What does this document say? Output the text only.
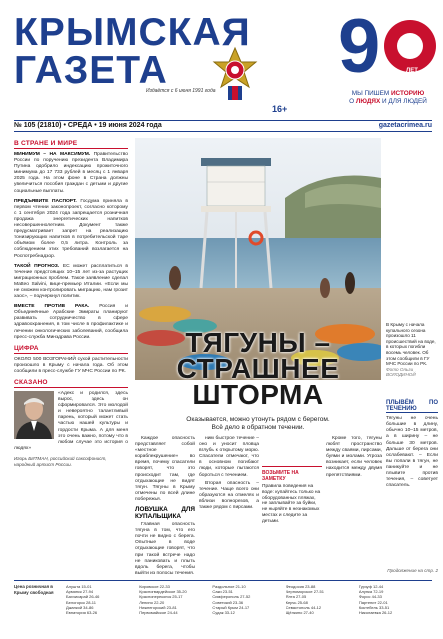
КРЫМСКАЯ
ГАЗЕТА
Издаётся с 6 июня 1991 года
16+
9	ЛЕТ
МЫ ПИШЕМ ИСТОРИЮ
О ЛЮДЯХ И ДЛЯ ЛЮДЕЙ
№ 105 (21810) • СРЕДА • 19 июня 2024 года	gazetacrimea.ru
В СТРАНЕ И МИРЕ
МИНИМУМ – НА МАКСИМУМ. Правительство России по поручению президента Владимира Путина одобрило индексацию прожиточного минимума до 17 733 рублей в месяц с 1 января 2025 года. На этом фоне в Страна должны увеличиться пособия граждан с детьми и другие социальные выплаты.
ПРЕДЪЯВИТЕ ПАСПОРТ. Госдума приняла в первом чтении законопроект, согласно которому с 1 сентября 2024 года запрещается розничная продажа энергетических напитков несовершеннолетним. Документ также предусматривает запрет на реализацию тонизирующих напитков в потребительской таре объёмом более 0,5 литра. Контроль за соблюдением этих требований возлагается на Роспотребнадзор.
ТАКОЙ ПРОГНОЗ. ЕС может расплатиться в течение предстоящих 10–15 лет из-за растущих миграционных проблем. Такое заявление сделал Matteo Salvini, вице-премьер Италии. «Если мы не сможем контролировать миграцию, нам грозит хаос», – подчеркнул политик.
ВМЕСТЕ ПРОТИВ РАКА. Россия и Объединённые Арабские Эмираты планируют развивать сотрудничество в сфере здравоохранения, в том числе в профилактике и лечении онкологических заболеваний, сообщила пресс-служба Минздрава России.
ЦИФРА
ОКОЛО 500 ВОЗГОРАНИЙ сухой растительности произошло в Крыму с начала года. Об этом сообщили в пресс-службе ГУ МЧС России по РК.
СКАЗАНО
«Адекс и родился, здесь вырос, здесь он сформировался. Это молодой и невероятно талантливый парень, который может стать частью нашей культуры и гордости Крыма. А для меня это очень важно, потому что в любом случае это история о людях»
Игорь БИТМАН, российский саксофонист, народный артист России.
В Крыму с начала купального сезона произошло 11 происшествий на воде, в которых погибли восемь человек. Об этом сообщили в ГУ МЧС России по РК. Фото Ольги ВОЛОДИНОЙ
ТЯГУНЫ –
СТРАШНЕЕ
ШТОРМА
Оказывается, можно утонуть рядом с берегом.
Всё дело в обратном течении.

Каждое опасность представляет собой «местное кораблекрушение» во время, почему спасатели говорят, что это происходит там, где отдыхающие не видят тягун. Тягуны в Крыму отмечены по всей длине побережья.

ЛОВУШКА ДЛЯ КУПАЛЬЩИКА

Главная опасность тягуна в том, что его почти не видно с берега. Опытные в воде отдыхающие говорят, что при такой встрече надо не паниковать и плыть вдоль берега, чтобы выйти из полосы течения.

ним быстрое течение – оно и уносит пловца вглубь к открытому морю. Спасатели отмечают, что в основном погибают люди, которые пытаются бороться с течением.

Вторая опасность – течение. Чаще всего они образуются на отмелях и вблизи волнорезов, а также рядом с пирсами.

ВОЗЬМИТЕ НА ЗАМЕТКУ
Правила поведения на воде: купайтесь только на оборудованных пляжах, не заплывайте за буйки, не ныряйте в незнакомых местах и следите за детьми.

Кроме того, тягуны любят пространство между сваями, пирсами, буями и молами. Угроза возникает, если человек находится между двумя препятствиями.

ПЛЫВЁМ ПО ТЕЧЕНИЮ

Тягуны не очень большие в длину, обычно 10–15 метров, а в ширину – не больше 30 метров. Дальше от берега они ослабевают. – Если вы попали в тягун, не паникуйте и не плывите против течения, – советует спасатель.

Продолжение на стр. 2
Цена розничная в Крыму свободная
Алушта 15-01
Армянск 27-94
Бахчисарай 26-46
Белогорск 28-11
Джанкой 34-86
Евпатория 63-26
Кировское 22-33
Красногвардейское 35-20
Красноперекопск 25-17
Ленино 22-20
Нижнегорский 23-81
Первомайское 24-44
Раздольное 21-10
Саки 23-51
Симферополь 27-52
Советский 23-36
Старый Крым 24-17
Судак 33-12
Феодосия 23-88
Черноморское 27-51
Ялта 27-05
Керчь 25-68
Севастополь 44-12
Щёлкино 27-40
Гурзуф 12-44
Алупка 72-19
Форос 44-33
Партенит 22-01
Коктебель 33-51
Николаевка 26-12
